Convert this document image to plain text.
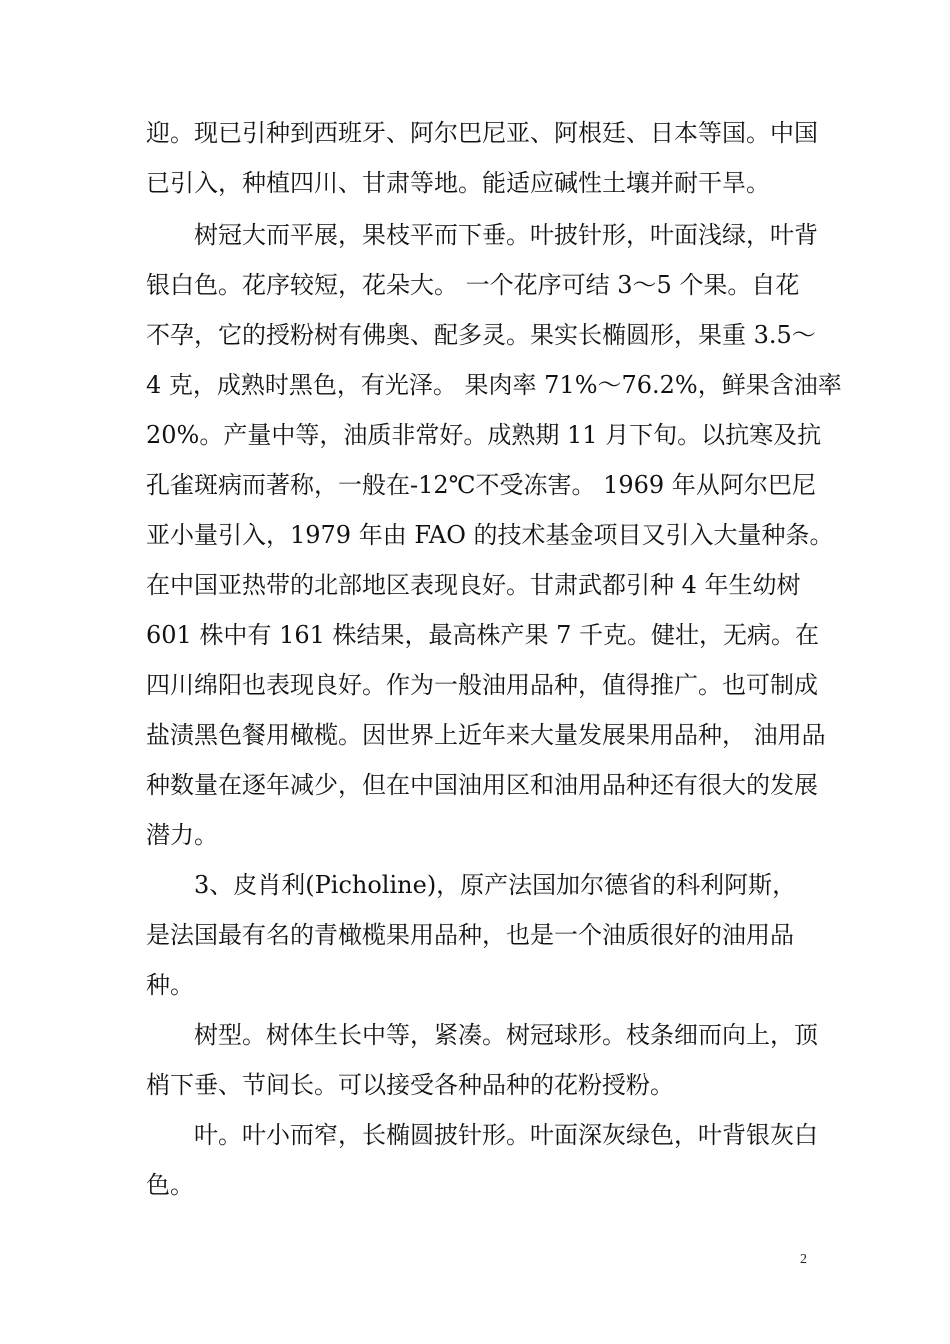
迎。现已引种到西班牙、阿尔巴尼亚、阿根廷、日本等国。中国
已引入，种植四川、甘肃等地。能适应碱性土壤并耐干旱。
树冠大而平展，果枝平而下垂。叶披针形，叶面浅绿，叶背
银白色。花序较短，花朵大。 一个花序可结 3～5 个果。自花
不孕，它的授粉树有佛奥、配多灵。果实长椭圆形，果重 3.5～
4 克，成熟时黑色，有光泽。 果肉率 71%～76.2%，鲜果含油率
20%。产量中等，油质非常好。成熟期 11 月下旬。以抗寒及抗
孔雀斑病而著称，一般在-12℃不受冻害。 1969 年从阿尔巴尼
亚小量引入，1979 年由 FAO 的技术基金项目又引入大量种条。
在中国亚热带的北部地区表现良好。甘肃武都引种 4 年生幼树
601 株中有 161 株结果，最高株产果 7 千克。健壮，无病。在
四川绵阳也表现良好。作为一般油用品种，值得推广。也可制成
盐渍黑色餐用橄榄。因世界上近年来大量发展果用品种， 油用品
种数量在逐年减少，但在中国油用区和油用品种还有很大的发展
潜力。
3、皮肖利(Picholine)，原产法国加尔德省的科利阿斯，
是法国最有名的青橄榄果用品种，也是一个油质很好的油用品
种。
树型。树体生长中等，紧凑。树冠球形。枝条细而向上，顶
梢下垂、节间长。可以接受各种品种的花粉授粉。
叶。叶小而窄，长椭圆披针形。叶面深灰绿色，叶背银灰白
色。
2
